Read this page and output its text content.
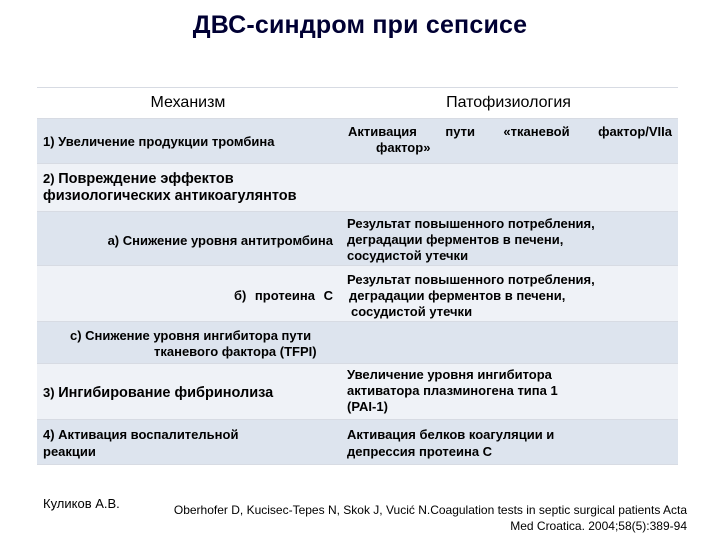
ДВС-синдром при сепсисе
Механизм	Патофизиология
1) Увеличение продукции тромбина
Активация пути «тканевой фактор/VIIa
фактор»
2) Повреждение эффектов
физиологических антикоагулянтов
а) Снижение уровня антитромбина
Результат повышенного потребления,
деградации ферментов в печени,
сосудистой утечки
б) протеина С
Результат повышенного потребления,
деградации ферментов в печени,
сосудистой утечки
с) Снижение уровня ингибитора пути
тканевого фактора (TFPI)
3) Ингибирование фибринолиза
Увеличение уровня ингибитора
активатора плазминогена типа 1
(PAI-1)
4) Активация воспалительной
реакции
Активация белков коагуляции и
депрессия протеина С
Куликов А.В.	Oberhofer D, Kucisec-Tepes N, Skok J, Vucić N.Coagulation tests in septic surgical patients Acta
Med Croatica. 2004;58(5):389-94
